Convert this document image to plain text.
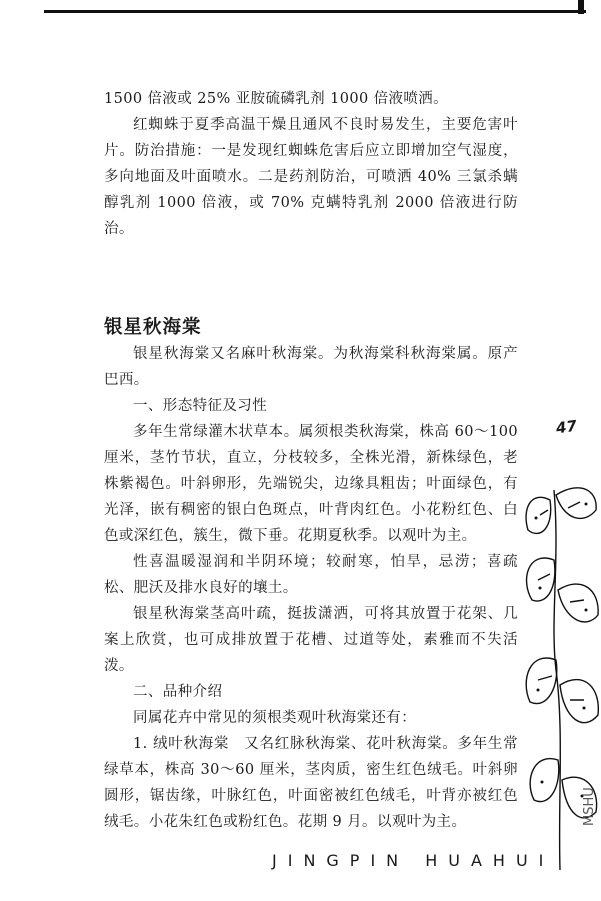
1500 倍液或 25% 亚胺硫磷乳剂 1000 倍液喷洒。

红蜘蛛于夏季高温干燥且通风不良时易发生，主要危害叶片。防治措施：一是发现红蜘蛛危害后应立即增加空气湿度，多向地面及叶面喷水。二是药剂防治，可喷洒 40% 三氯杀螨醇乳剂 1000 倍液，或 70% 克螨特乳剂 2000 倍液进行防治。

银星秋海棠

银星秋海棠又名麻叶秋海棠。为秋海棠科秋海棠属。原产巴西。

一、形态特征及习性

多年生常绿灌木状草本。属须根类秋海棠，株高 60～100 厘米，茎竹节状，直立，分枝较多，全株光滑，新株绿色，老株紫褐色。叶斜卵形，先端锐尖，边缘具粗齿；叶面绿色，有光泽，嵌有稠密的银白色斑点，叶背肉红色。小花粉红色、白色或深红色，簇生，微下垂。花期夏秋季。以观叶为主。

性喜温暖湿润和半阴环境；较耐寒，怕旱，忌涝；喜疏松、肥沃及排水良好的壤土。

银星秋海棠茎高叶疏，挺拔潇洒，可将其放置于花架、几案上欣赏，也可成排放置于花槽、过道等处，素雅而不失活泼。

二、品种介绍

同属花卉中常见的须根类观叶秋海棠还有：

1. 绒叶秋海棠　又名红脉秋海棠、花叶秋海棠。多年生常绿草本，株高 30～60 厘米，茎肉质，密生红色绒毛。叶斜卵圆形，锯齿缘，叶脉红色，叶面密被红色绒毛，叶背亦被红色绒毛。小花朱红色或粉红色。花期 9 月。以观叶为主。

47
JINGPIN HUAHUI
MSHU
